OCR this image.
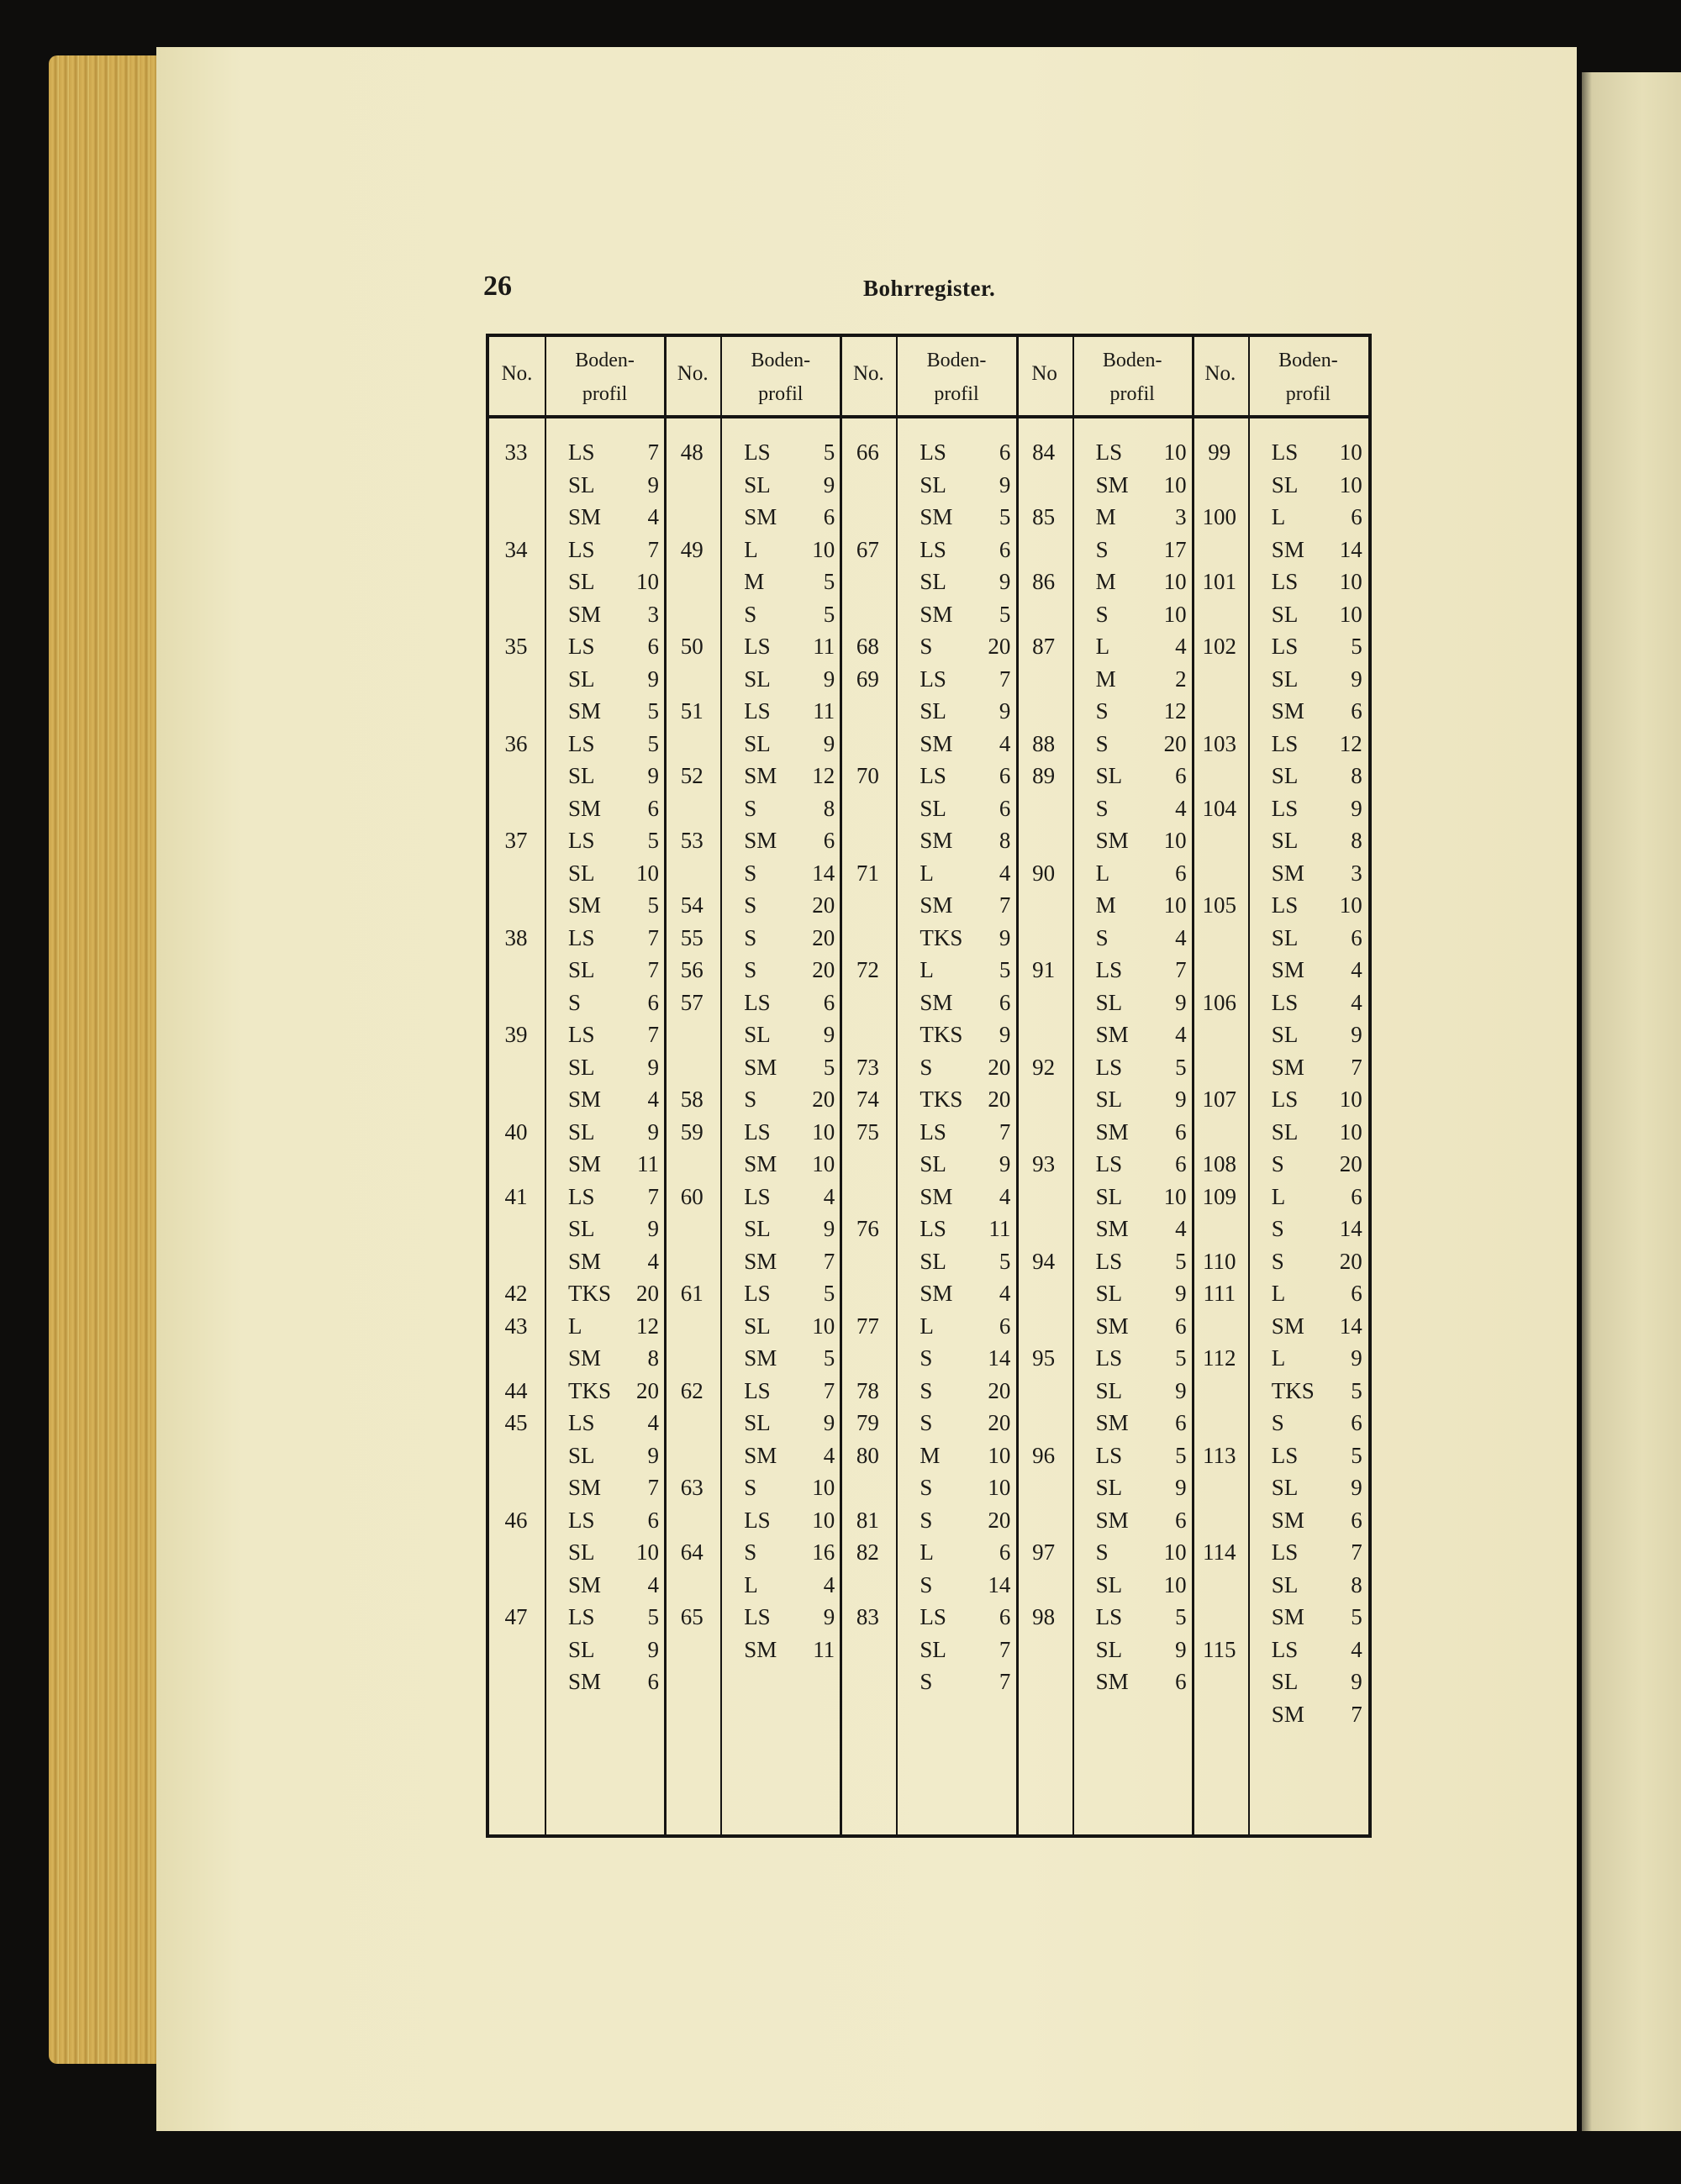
26	Bohrregister.
No.
Boden-
profil
33	LS 7
SL 9
SM 4
34	LS 7
SL 10
SM 3
35	LS 6
SL 9
SM 5
36	LS 5
SL 9
SM 6
37	LS 5
SL 10
SM 5
38	LS 7
SL 7
S	6
39	LS 7
SL 9
SM 4
40	SL 9
SM 11
41	LS 7
SL 9
SM 4
42	TKS 20
43	L 12
SM 8
44	TKS 20
45	LS 4
SL 9
SM 7
46	LS 6
SL 10
SM 4
47	LS 5
SL 9
SM 6
No.
Boden-
profil
48	LS 5
SL 9
SM 6
49	L 10
M	5
S	5
50	LS 11
SL 9
51	LS 11
SL 9
52	SM 12
S	8
53	SM 6
S 14
54	S 20
55	S 20
56	S 20
57	LS 6
SL 9
SM 5
58	S 20
59	LS 10
SM 10
60	LS 4
SL 9
SM 7
61	LS 5
SL 10
SM 5
62	LS 7
SL 9
SM 4
63	S 10
LS 10
64	S 16
L	4
65	LS 9
SM 11
No.
Boden-
profil
66	LS 6
SL 9
SM 5
67	LS 6
SL 9
SM 5
68	S 20
69	LS 7
SL 9
SM 4
70	LS 6
SL 6
SM 8
71	L	4
SM 7
TKS 9
72	L	5
SM 6
TKS 9
73	S 20
74	TKS 20
75	LS 7
SL 9
SM 4
76	LS 11
SL 5
SM 4
77	L	6
S 14
78	S 20
79	S 20
80	M 10
S 10
81	S 20
82	L	6
S 14
83	LS 6
SL 7
S	7
No
Boden-
profil
84	LS 10
SM 10
85	M	3
S 17
86	M 10
S 10
87	L	4
M	2
S 12
88	S 20
89	SL 6
S	4
SM 10
90	L	6
M 10
S	4
91	LS 7
SL 9
SM 4
92	LS 5
SL 9
SM 6
93	LS 6
SL 10
SM 4
94	LS 5
SL 9
SM 6
95	LS 5
SL 9
SM 6
96	LS 5
SL 9
SM 6
97	S 10
SL 10
98	LS 5
SL 9
SM 6
No.
Boden-
profil
99	LS 10
SL 10
100	L	6
SM 14
101	LS 10
SL 10
102	LS 5
SL 9
SM 6
103	LS 12
SL 8
104	LS 9
SL 8
SM 3
105	LS 10
SL 6
SM 4
106	LS 4
SL 9
SM 7
107	LS 10
SL 10
108	S 20
109	L	6
S 14
110	S 20
111	L	6
SM 14
112	L	9
TKS 5
S	6
113	LS 5
SL 9
SM 6
114	LS 7
SL 8
SM 5
115	LS 4
SL 9
SM 7
